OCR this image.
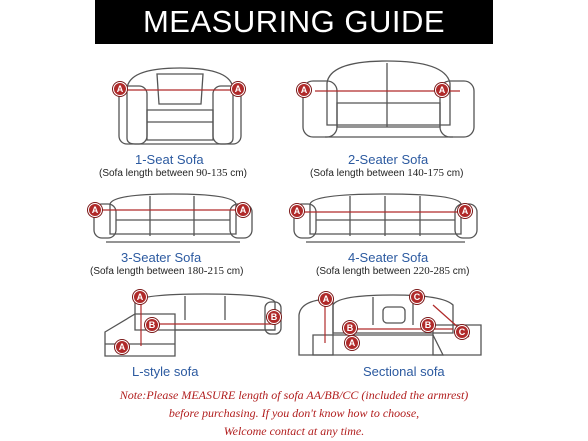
MEASURING GUIDE
A	A
1-Seat Sofa
(Sofa length between 90-135 cm)
A	A
2-Seater Sofa
(Sofa length between 140-175 cm)
A	A
3-Seater Sofa
(Sofa length between 180-215 cm)
A	A
4-Seater Sofa
(Sofa length between 220-285 cm)
A
A
B
B
L-style sofa
A
A
B	B
C
C
Sectional sofa
Note:Please MEASURE length of sofa AA/BB/CC (included the armrest)
before purchasing. If you don't know how to choose,
Welcome contact at any time.
